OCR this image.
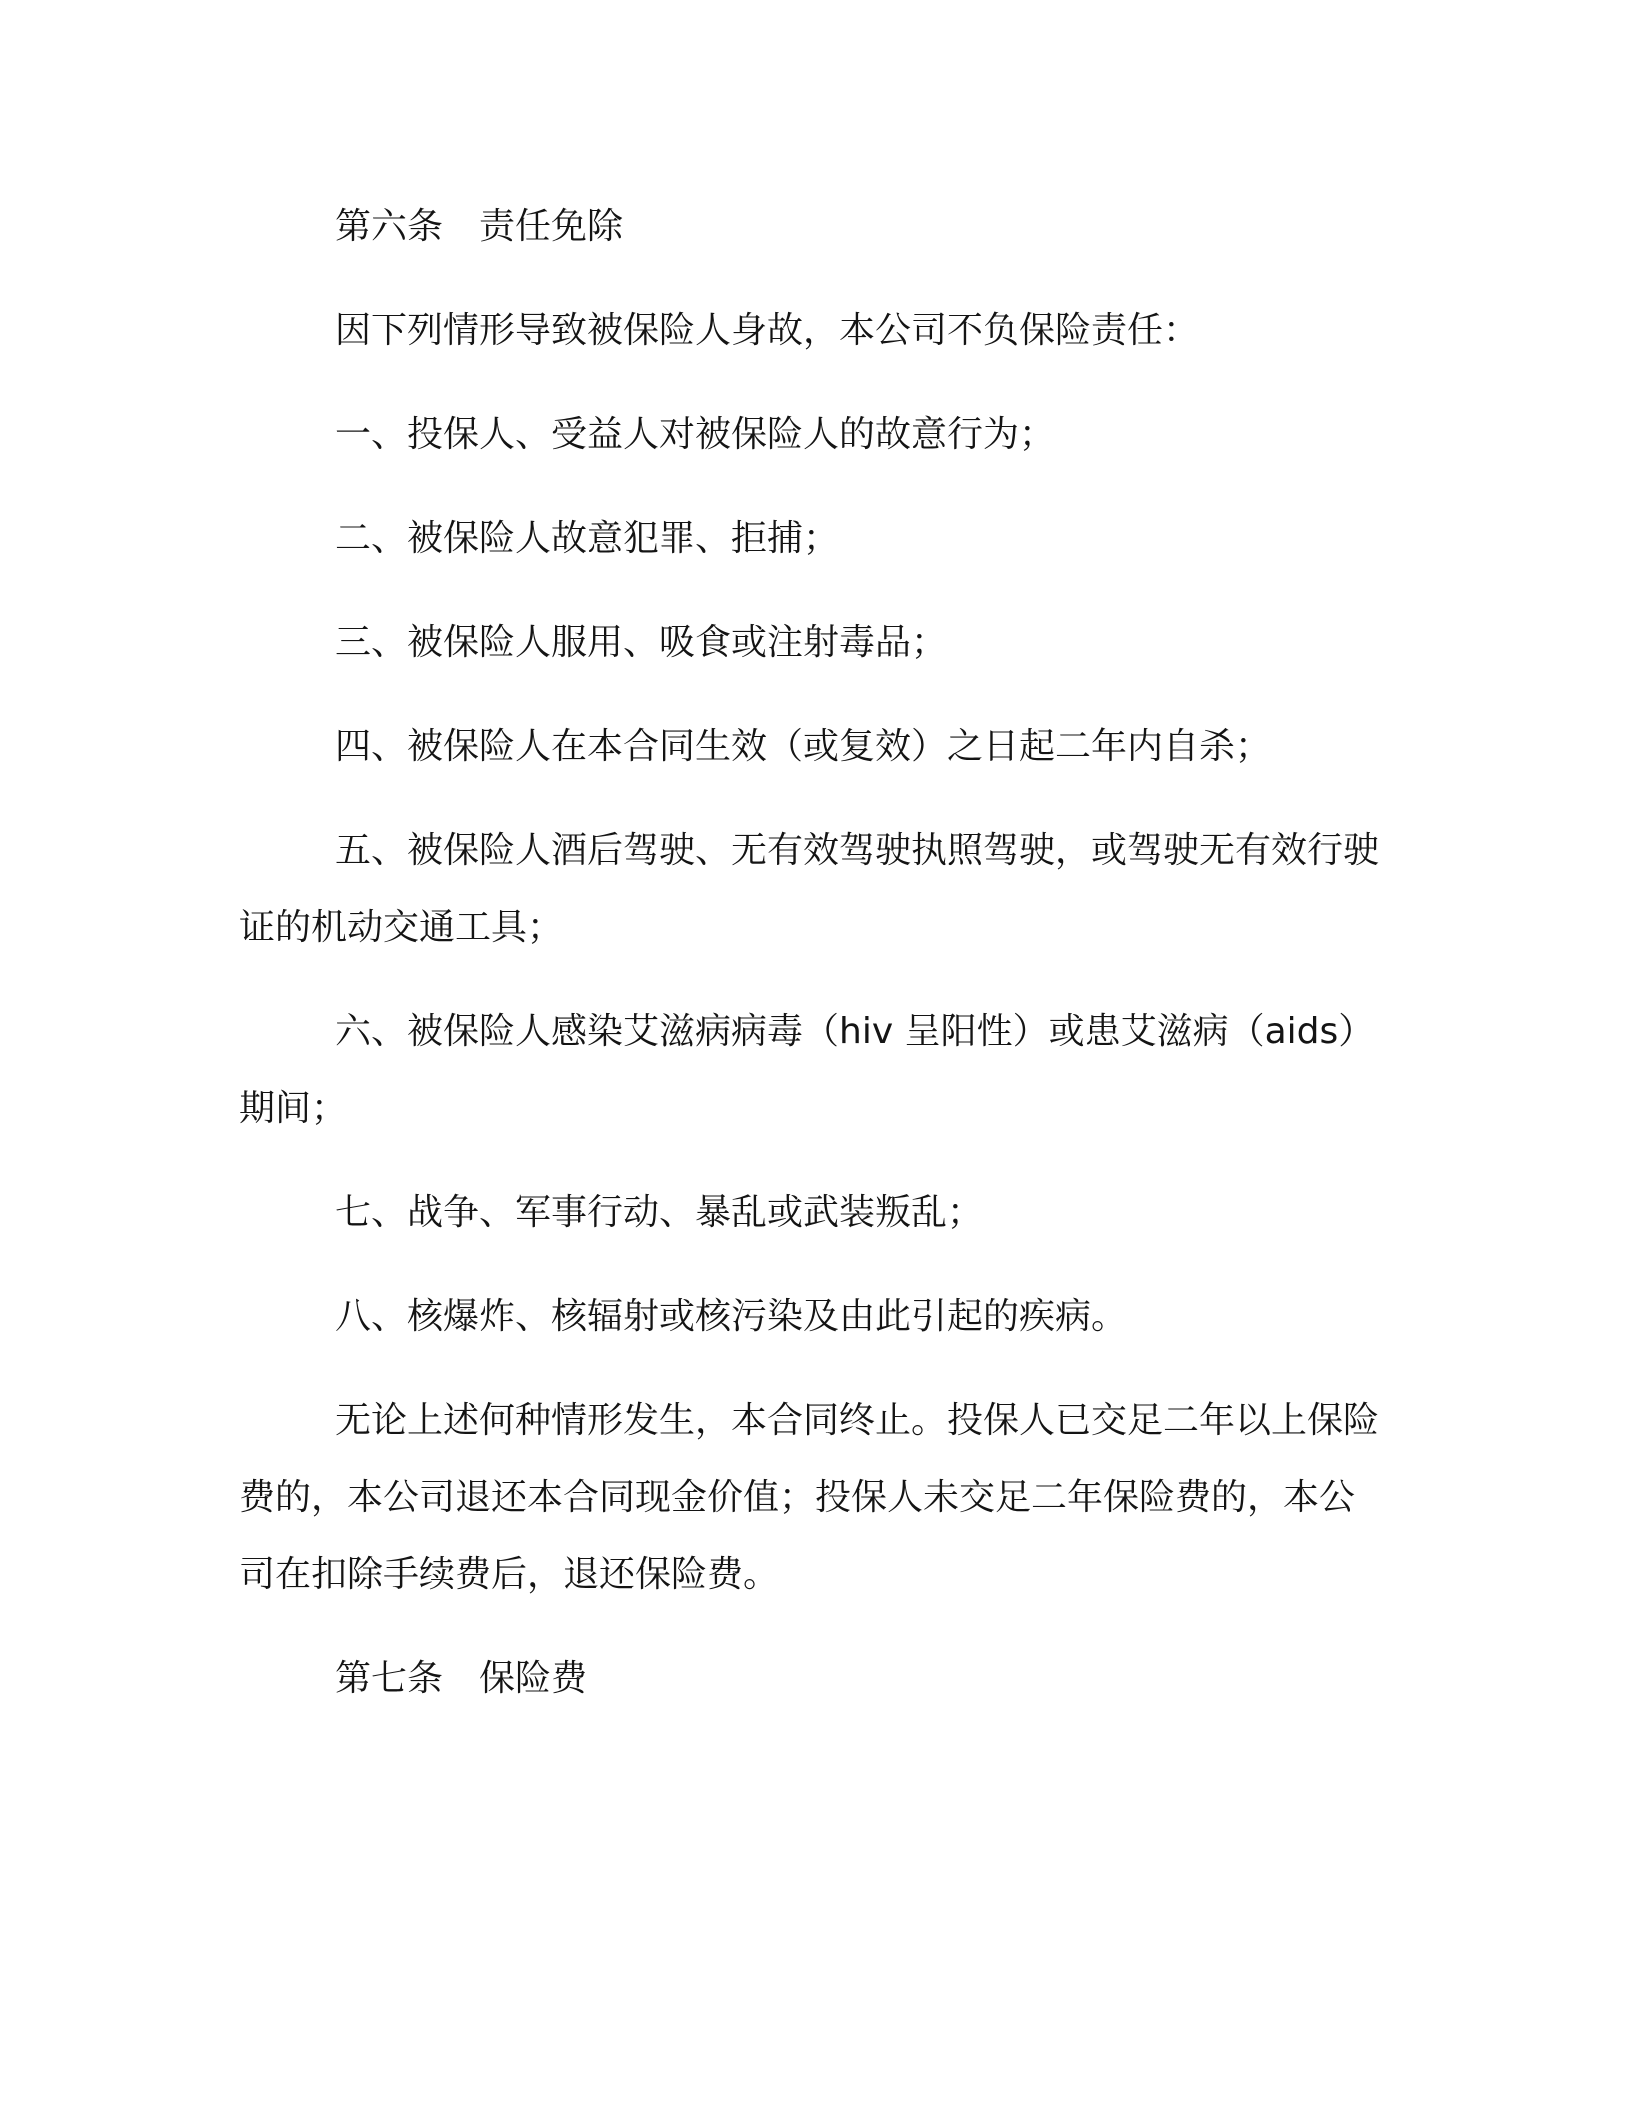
第六条　责任免除

因下列情形导致被保险人身故，本公司不负保险责任：

一、投保人、受益人对被保险人的故意行为；

二、被保险人故意犯罪、拒捕；

三、被保险人服用、吸食或注射毒品；

四、被保险人在本合同生效（或复效）之日起二年内自杀；

五、被保险人酒后驾驶、无有效驾驶执照驾驶，或驾驶无有效行驶证的机动交通工具；

六、被保险人感染艾滋病病毒（hiv 呈阳性）或患艾滋病（aids）期间；

七、战争、军事行动、暴乱或武装叛乱；

八、核爆炸、核辐射或核污染及由此引起的疾病。

无论上述何种情形发生，本合同终止。投保人已交足二年以上保险费的，本公司退还本合同现金价值；投保人未交足二年保险费的，本公司在扣除手续费后，退还保险费。

第七条　保险费
